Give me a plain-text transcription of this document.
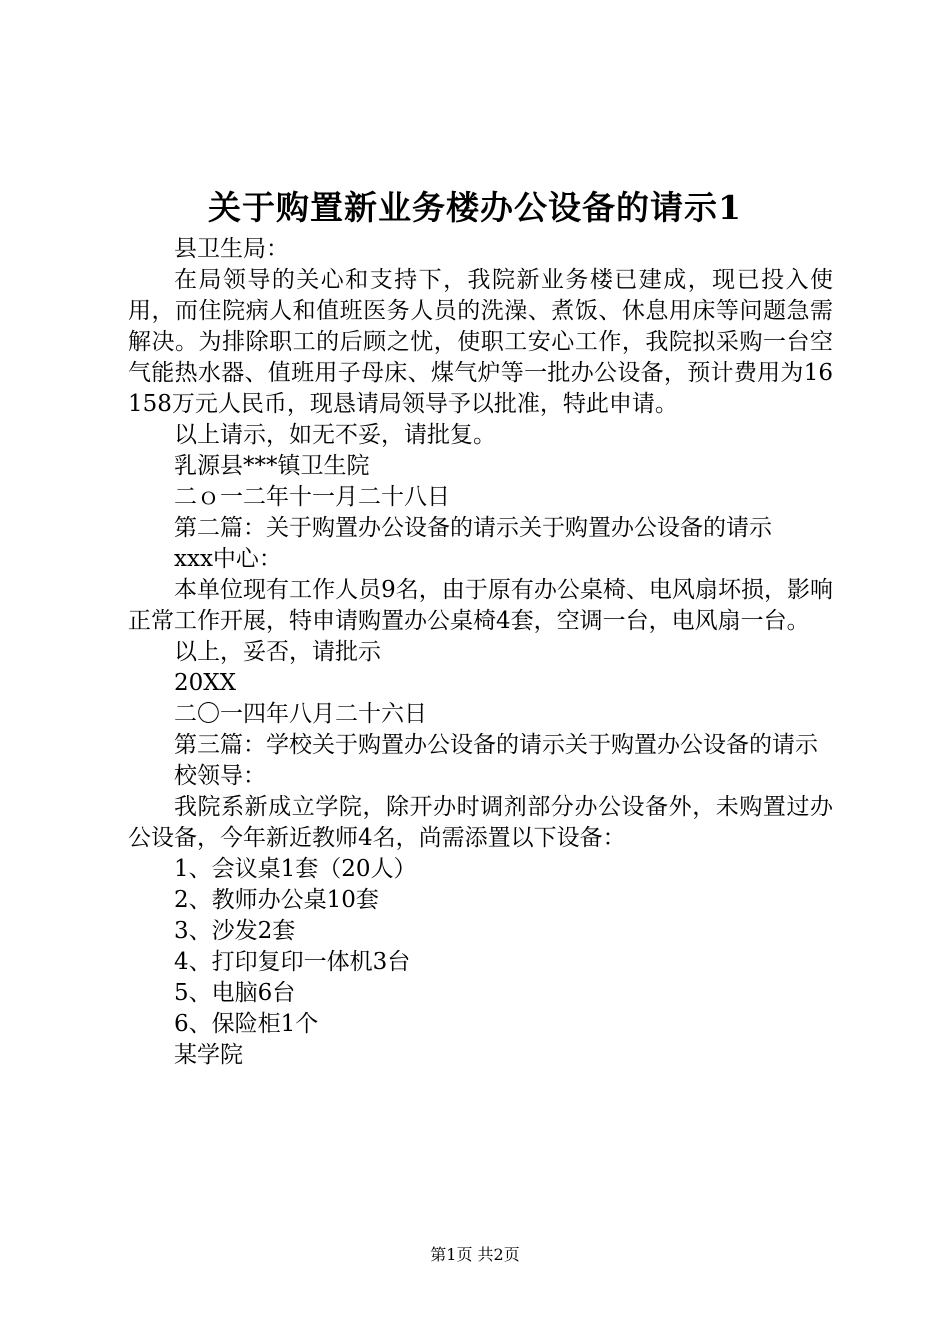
关于购置新业务楼办公设备的请示1

县卫生局：

在局领导的关心和支持下，我院新业务楼已建成，现已投入使用，而住院病人和值班医务人员的洗澡、煮饭、休息用床等问题急需解决。为排除职工的后顾之忧，使职工安心工作，我院拟采购一台空气能热水器、值班用子母床、煤气炉等一批办公设备，预计费用为16158万元人民币，现恳请局领导予以批准，特此申请。

以上请示，如无不妥，请批复。

乳源县***镇卫生院

二ｏ一二年十一月二十八日

第二篇：关于购置办公设备的请示关于购置办公设备的请示

xxx中心：

本单位现有工作人员9名，由于原有办公桌椅、电风扇坏损，影响正常工作开展，特申请购置办公桌椅4套，空调一台，电风扇一台。

以上，妥否，请批示

20XX

二〇一四年八月二十六日

第三篇：学校关于购置办公设备的请示关于购置办公设备的请示

校领导：

我院系新成立学院，除开办时调剂部分办公设备外，未购置过办公设备，今年新近教师4名，尚需添置以下设备：

1、会议桌1套（20人）

2、教师办公桌10套

3、沙发2套

4、打印复印一体机3台

5、电脑6台

6、保险柜1个

某学院

第1页 共2页
